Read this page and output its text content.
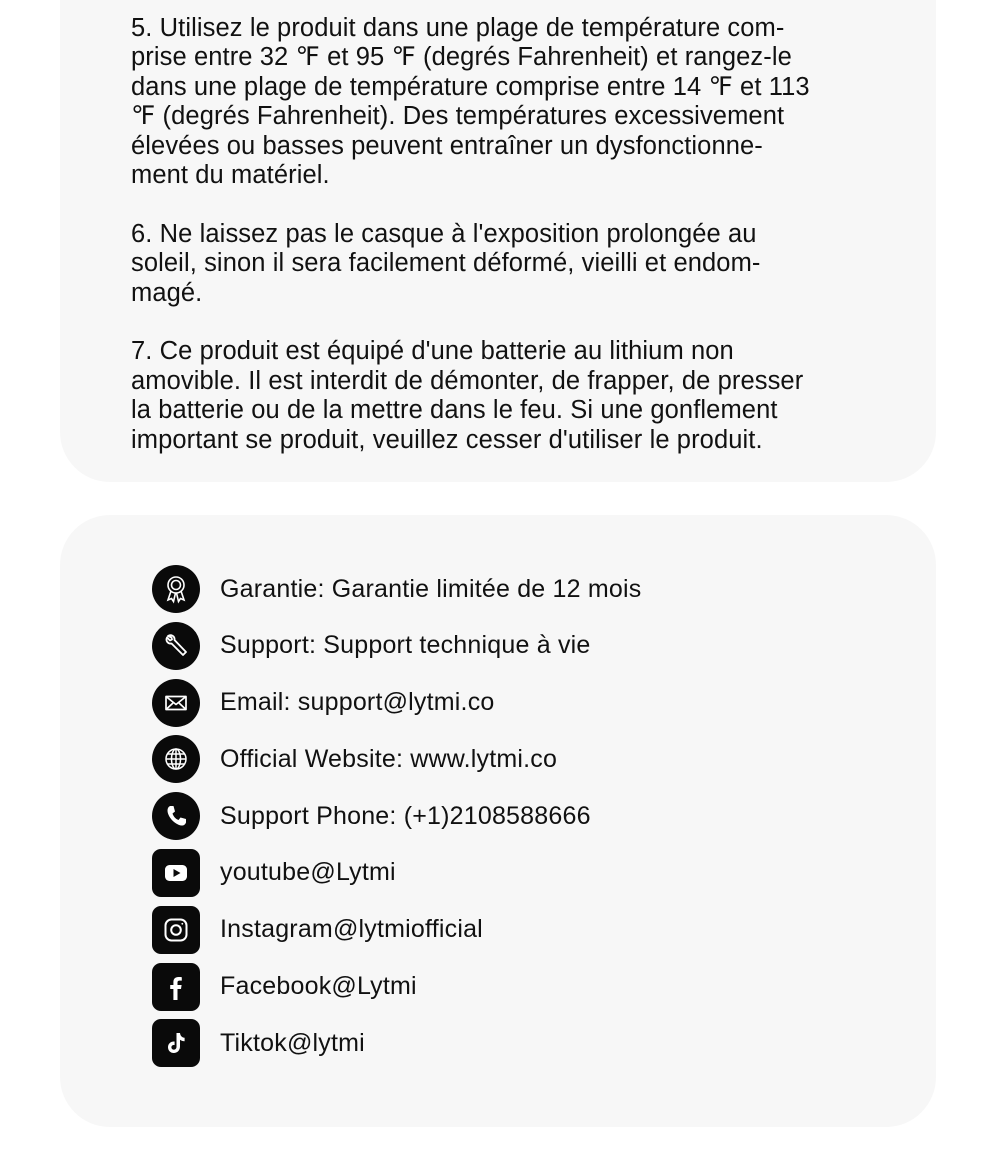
5. Utilisez le produit dans une plage de température com-
prise entre 32 ℉ et 95 ℉ (degrés Fahrenheit) et rangez-le
dans une plage de température comprise entre 14 ℉ et 113
℉ (degrés Fahrenheit). Des températures excessivement
élevées ou basses peuvent entraîner un dysfonctionne-
ment du matériel.

6. Ne laissez pas le casque à l'exposition prolongée au
soleil, sinon il sera facilement déformé, vieilli et endom-
magé.

7. Ce produit est équipé d'une batterie au lithium non
amovible. Il est interdit de démonter, de frapper, de presser
la batterie ou de la mettre dans le feu. Si une gonflement
important se produit, veuillez cesser d'utiliser le produit.

Garantie: Garantie limitée de 12 mois
Support: Support technique à vie
Email: support@lytmi.co
Official Website: www.lytmi.co
Support Phone: (+1)2108588666
youtube@Lytmi
Instagram@lytmiofficial
Facebook@Lytmi
Tiktok@lytmi
